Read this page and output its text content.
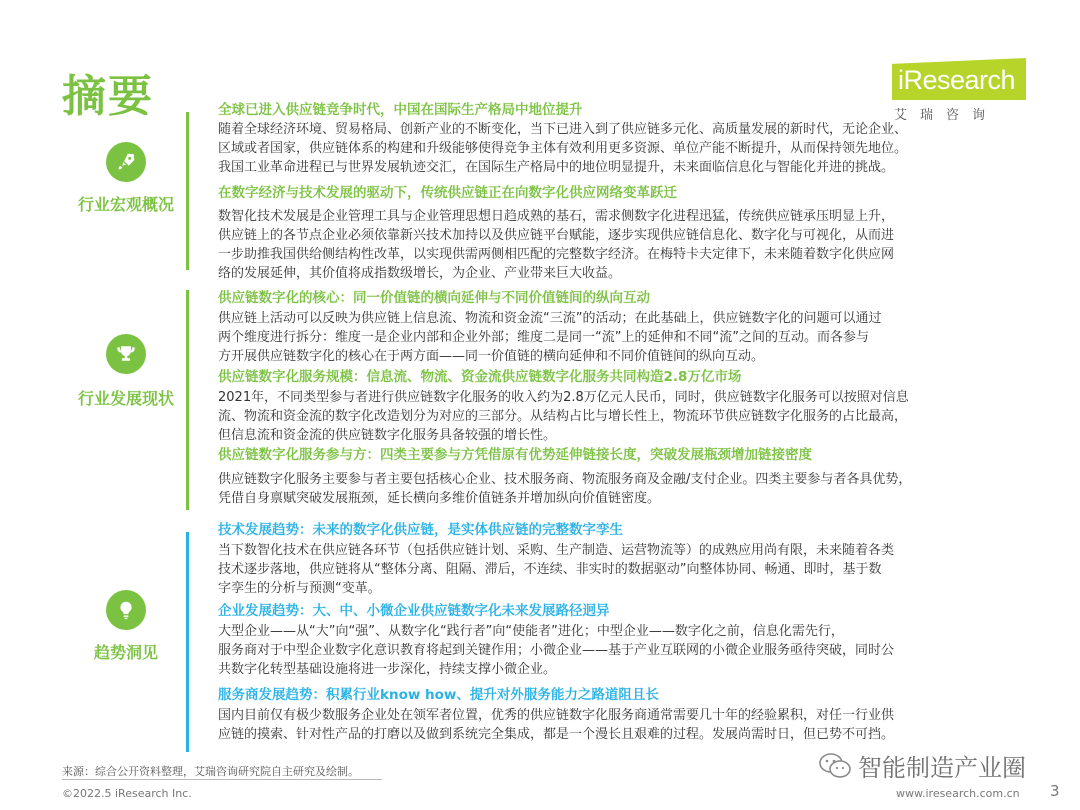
摘要	iResearch
艾瑞咨询
行业宏观概况
行业发展现状
趋势洞见
全球已进入供应链竞争时代，中国在国际生产格局中地位提升
随着全球经济环境、贸易格局、创新产业的不断变化，当下已进入到了供应链多元化、高质量发展的新时代，无论企业、
区域或者国家，供应链体系的构建和升级能够使得竞争主体有效利用更多资源、单位产能不断提升，从而保持领先地位。
我国工业革命进程已与世界发展轨迹交汇，在国际生产格局中的地位明显提升，未来面临信息化与智能化并进的挑战。
在数字经济与技术发展的驱动下，传统供应链正在向数字化供应网络变革跃迁
数智化技术发展是企业管理工具与企业管理思想日趋成熟的基石，需求侧数字化进程迅猛，传统供应链承压明显上升，
供应链上的各节点企业必须依靠新兴技术加持以及供应链平台赋能，逐步实现供应链信息化、数字化与可视化，从而进
一步助推我国供给侧结构性改革，以实现供需两侧相匹配的完整数字经济。在梅特卡夫定律下，未来随着数字化供应网
络的发展延伸，其价值将成指数级增长，为企业、产业带来巨大收益。
供应链数字化的核心：同一价值链的横向延伸与不同价值链间的纵向互动
供应链上活动可以反映为供应链上信息流、物流和资金流“三流”的活动；在此基础上，供应链数字化的问题可以通过
两个维度进行拆分：维度一是企业内部和企业外部；维度二是同一“流”上的延伸和不同“流”之间的互动。而各参与
方开展供应链数字化的核心在于两方面——同一价值链的横向延伸和不同价值链间的纵向互动。
供应链数字化服务规模：信息流、物流、资金流供应链数字化服务共同构造2.8万亿市场
2021年，不同类型参与者进行供应链数字化服务的收入约为2.8万亿元人民币，同时，供应链数字化服务可以按照对信息
流、物流和资金流的数字化改造划分为对应的三部分。从结构占比与增长性上，物流环节供应链数字化服务的占比最高，
但信息流和资金流的供应链数字化服务具备较强的增长性。
供应链数字化服务参与方：四类主要参与方凭借原有优势延伸链接长度，突破发展瓶颈增加链接密度
供应链数字化服务主要参与者主要包括核心企业、技术服务商、物流服务商及金融/支付企业。四类主要参与者各具优势，
凭借自身禀赋突破发展瓶颈，延长横向多维价值链条并增加纵向价值链密度。
技术发展趋势：未来的数字化供应链，是实体供应链的完整数字孪生
当下数智化技术在供应链各环节（包括供应链计划、采购、生产制造、运营物流等）的成熟应用尚有限，未来随着各类
技术逐步落地，供应链将从“整体分离、阻隔、滞后，不连续、非实时的数据驱动”向整体协同、畅通、即时，基于数
字孪生的分析与预测“变革。
企业发展趋势：大、中、小微企业供应链数字化未来发展路径迥异
大型企业——从“大”向“强”、从数字化“践行者”向“使能者”进化；中型企业——数字化之前，信息化需先行，
服务商对于中型企业数字化意识教育将起到关键作用；小微企业——基于产业互联网的小微企业服务亟待突破，同时公
共数字化转型基础设施将进一步深化，持续支撑小微企业。
服务商发展趋势：积累行业know how、提升对外服务能力之路道阻且长
国内目前仅有极少数服务企业处在领军者位置，优秀的供应链数字化服务商通常需要几十年的经验累积，对任一行业供
应链的摸索、针对性产品的打磨以及做到系统完全集成，都是一个漫长且艰难的过程。发展尚需时日，但已势不可挡。
来源：综合公开资料整理，艾瑞咨询研究院自主研究及绘制。
©2022.5 iResearch Inc.	www.iresearch.com.cn 3
智能制造产业圈
